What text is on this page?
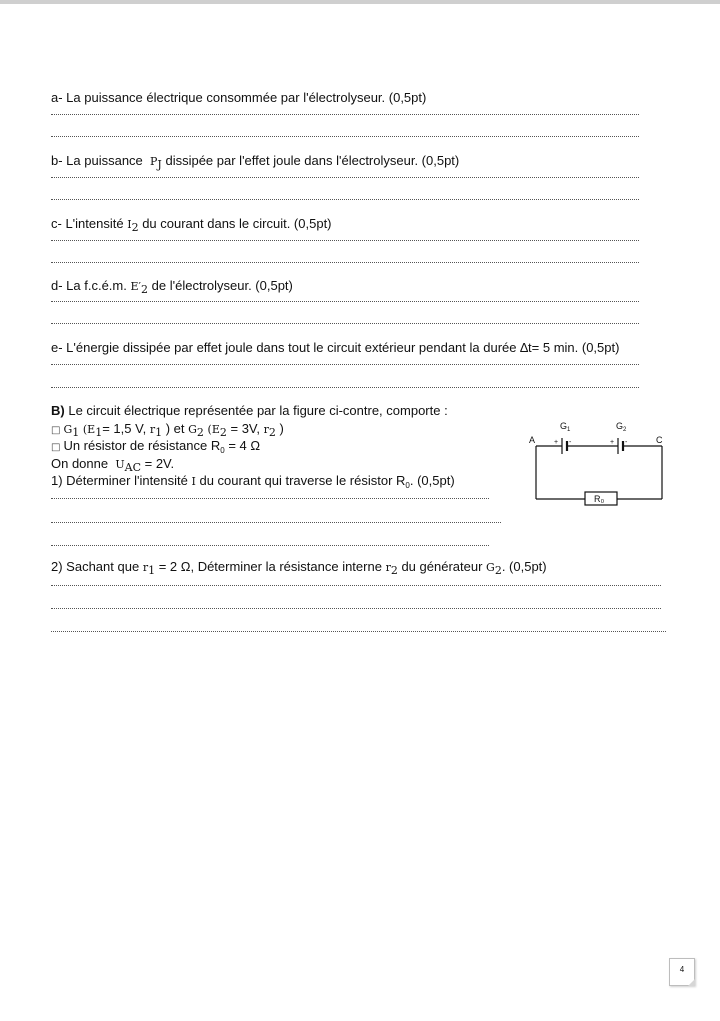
a- La puissance électrique consommée par l'électrolyseur. (0,5pt)
b- La puissance $P_J$ dissipée par l'effet joule dans l'électrolyseur. (0,5pt)
c- L'intensité $I_2$ du courant dans le circuit. (0,5pt)
d- La f.c.é.m. $E'_2$ de l'électrolyseur. (0,5pt)
e- L'énergie dissipée par effet joule dans tout le circuit extérieur pendant la durée ∆t= 5 min. (0,5pt)
B) Le circuit électrique représentée par la figure ci-contre, comporte :
□ $G_1$ ($E_1= 1,5$ V, $r_1$ ) et $G_2$ ($E_2 = 3V$, $r_2$ )
□ Un résistor de résistance $R_0 = 4$ Ω
On donne $U_{AC} = 2V$.
1) Déterminer l'intensité I du courant qui traverse le résistor $R_0$. (0,5pt)
2) Sachant que $r_1 = 2$ Ω, Déterminer la résistance interne $r_2$ du générateur $G_2$. (0,5pt)
A	C
G 1	G 2
+ -	+ -
R₀
4
